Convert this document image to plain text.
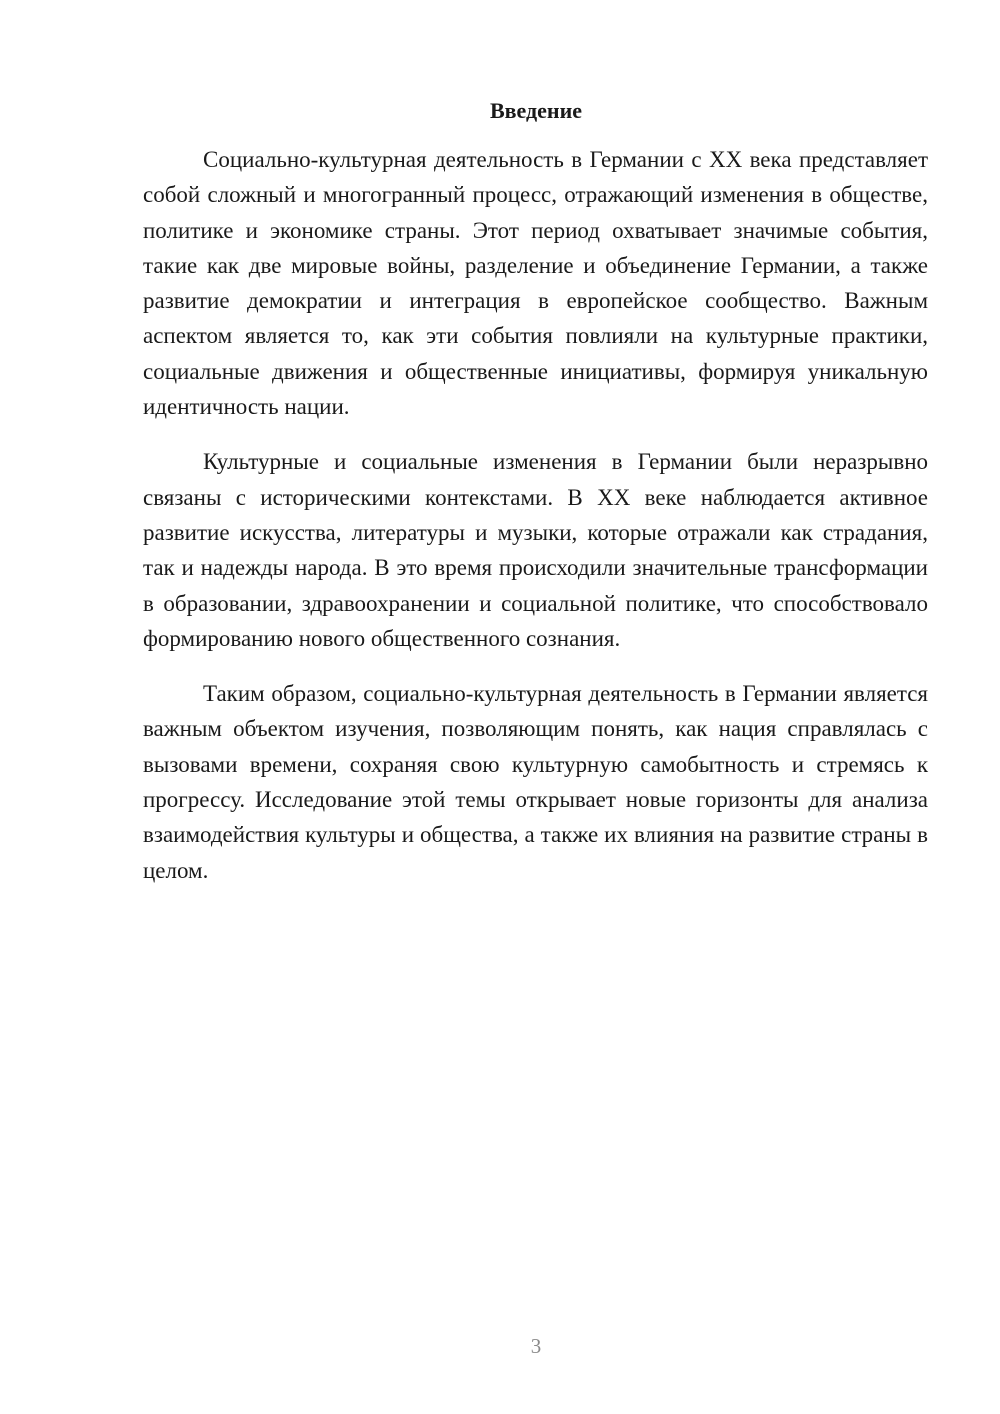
Введение

Социально-культурная деятельность в Германии с XX века представляет собой сложный и многогранный процесс, отражающий изменения в обществе, политике и экономике страны. Этот период охватывает значимые события, такие как две мировые войны, разделение и объединение Германии, а также развитие демократии и интеграция в европейское сообщество. Важным аспектом является то, как эти события повлияли на культурные практики, социальные движения и общественные инициативы, формируя уникальную идентичность нации.

Культурные и социальные изменения в Германии были неразрывно связаны с историческими контекстами. В XX веке наблюдается активное развитие искусства, литературы и музыки, которые отражали как страдания, так и надежды народа. В это время происходили значительные трансформации в образовании, здравоохранении и социальной политике, что способствовало формированию нового общественного сознания.

Таким образом, социально-культурная деятельность в Германии является важным объектом изучения, позволяющим понять, как нация справлялась с вызовами времени, сохраняя свою культурную самобытность и стремясь к прогрессу. Исследование этой темы открывает новые горизонты для анализа взаимодействия культуры и общества, а также их влияния на развитие страны в целом.

3
